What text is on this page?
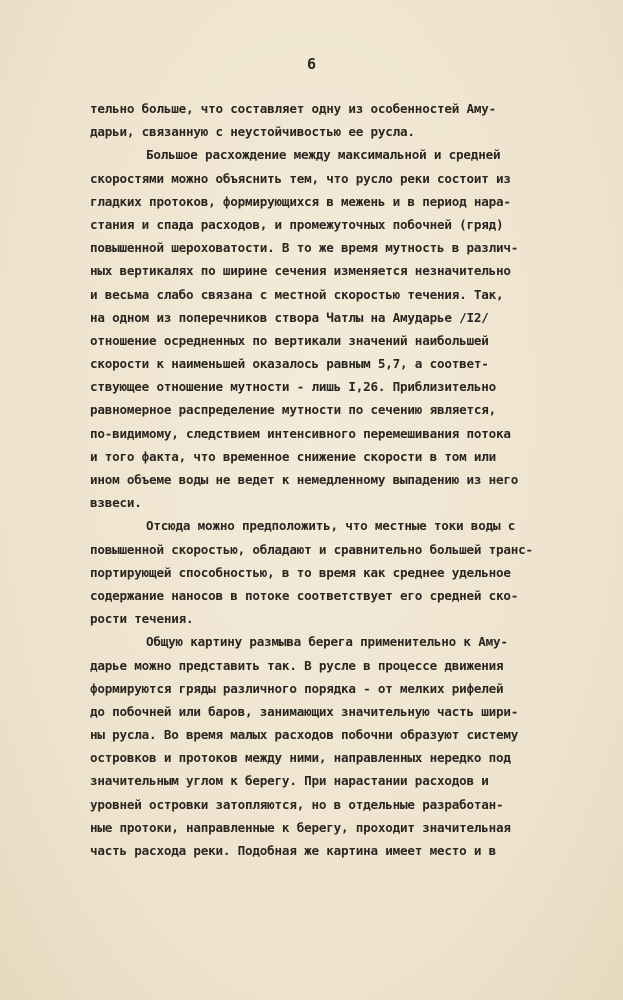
6
тельно больше, что составляет одну из особенностей Аму-
дарьи, связанную с неустойчивостью ее русла.
Большое расхождение между максимальной и средней
скоростями можно объяснить тем, что русло реки состоит из
гладких протоков, формирующихся в межень и в период нара-
стания и спада расходов, и промежуточных побочней (гряд)
повышенной шероховатости. В то же время мутность в различ-
ных вертикалях по ширине сечения изменяется незначительно
и весьма слабо связана с местной скоростью течения. Так,
на одном из поперечников створа Чатлы на Амударье /I2/
отношение осредненных по вертикали значений наибольшей
скорости к наименьшей оказалось равным 5,7, а соответ-
ствующее отношение мутности - лишь I,26. Приблизительно
равномерное распределение мутности по сечению является,
по-видимому, следствием интенсивного перемешивания потока
и того факта, что временное снижение скорости в том или
ином объеме воды не ведет к немедленному выпадению из него
взвеси.
Отсюда можно предположить, что местные токи воды с
повышенной скоростью, обладают и сравнительно большей транс-
портирующей способностью, в то время как среднее удельное
содержание наносов в потоке соответствует его средней ско-
рости течения.
Общую картину размыва берега применительно к Аму-
дарье можно представить так. В русле в процессе движения
формируются гряды различного порядка - от мелких рифелей
до побочней или баров, занимающих значительную часть шири-
ны русла. Во время малых расходов побочни образуют систему
островков и протоков между ними, направленных нередко под
значительным углом к берегу. При нарастании расходов и
уровней островки затопляются, но в отдельные разработан-
ные протоки, направленные к берегу, проходит значительная
часть расхода реки. Подобная же картина имеет место и в
